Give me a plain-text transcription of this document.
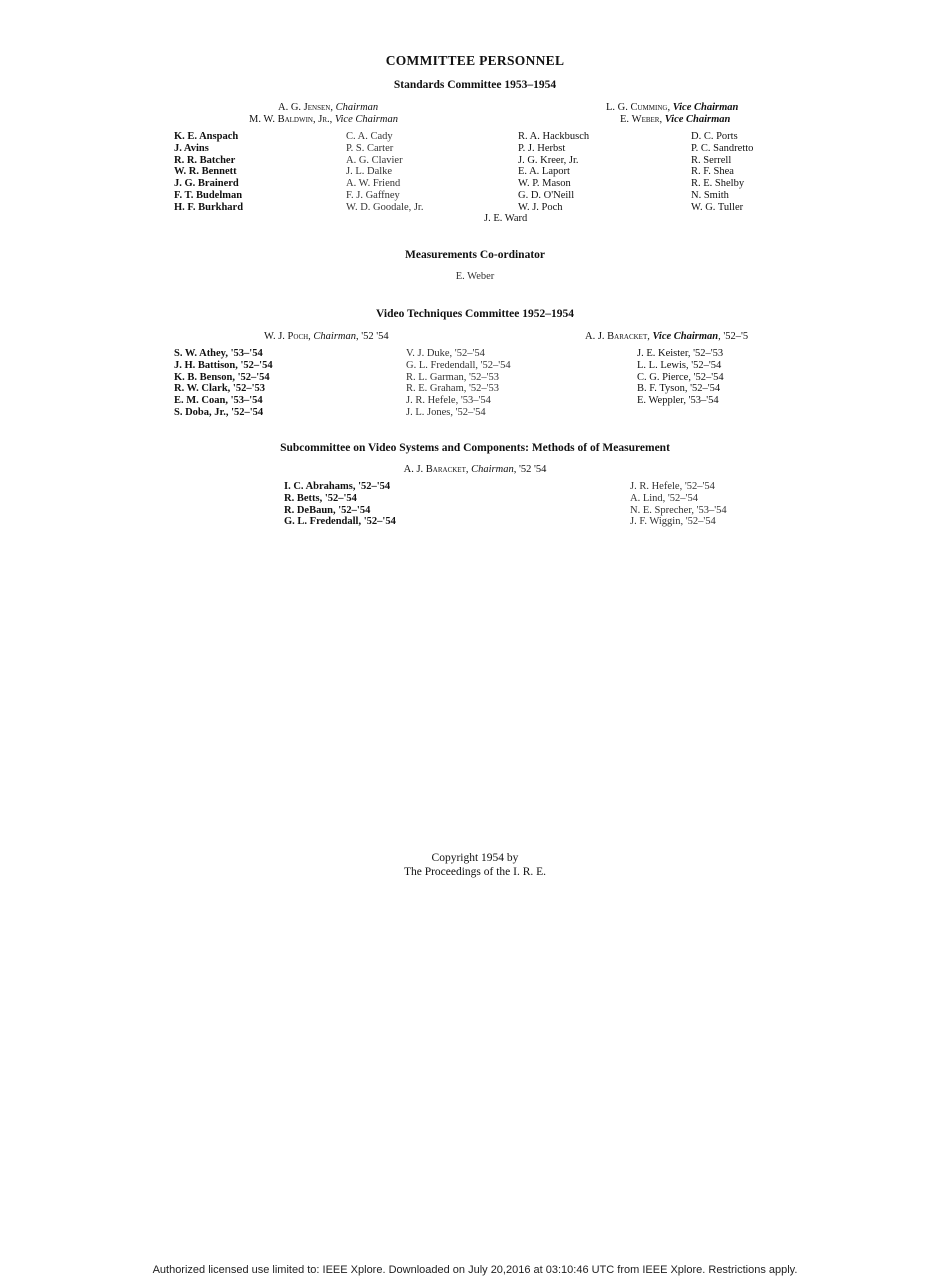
COMMITTEE PERSONNEL
Standards Committee 1953–1954
A. G. Jensen, Chairman
M. W. Baldwin, Jr., Vice Chairman
L. G. Cumming, Vice Chairman
E. Weber, Vice Chairman
K. E. Anspach
J. Avins
R. R. Batcher
W. R. Bennett
J. G. Brainerd
F. T. Budelman
H. F. Burkhard
C. A. Cady
P. S. Carter
A. G. Clavier
J. L. Dalke
A. W. Friend
F. J. Gaffney
W. D. Goodale, Jr.
R. A. Hackbusch
P. J. Herbst
J. G. Kreer, Jr.
E. A. Laport
W. P. Mason
G. D. O'Neill
W. J. Poch
D. C. Ports
P. C. Sandretto
R. Serrell
R. F. Shea
R. E. Shelby
N. Smith
W. G. Tuller
J. E. Ward
Measurements Co-ordinator
E. Weber
Video Techniques Committee 1952–1954
W. J. Poch, Chairman, '52 '54	A. J. Baracket, Vice Chairman, '52–'5
S. W. Athey, '53–'54
J. H. Battison, '52–'54
K. B. Benson, '52–'54
R. W. Clark, '52–'53
E. M. Coan, '53–'54
S. Doba, Jr., '52–'54
V. J. Duke, '52–'54
G. L. Fredendall, '52–'54
R. L. Garman, '52–'53
R. E. Graham, '52–'53
J. R. Hefele, '53–'54
J. L. Jones, '52–'54
J. E. Keister, '52–'53
L. L. Lewis, '52–'54
C. G. Pierce, '52–'54
B. F. Tyson, '52–'54
E. Weppler, '53–'54
Subcommittee on Video Systems and Components: Methods of of Measurement
A. J. Baracket, Chairman, '52 '54
I. C. Abrahams, '52–'54
R. Betts, '52–'54
R. DeBaun, '52–'54
G. L. Fredendall, '52–'54
J. R. Hefele, '52–'54
A. Lind, '52–'54
N. E. Sprecher, '53–'54
J. F. Wiggin, '52–'54
Copyright 1954 by
The Proceedings of the I. R. E.
Authorized licensed use limited to: IEEE Xplore. Downloaded on July 20,2016 at 03:10:46 UTC from IEEE Xplore. Restrictions apply.
